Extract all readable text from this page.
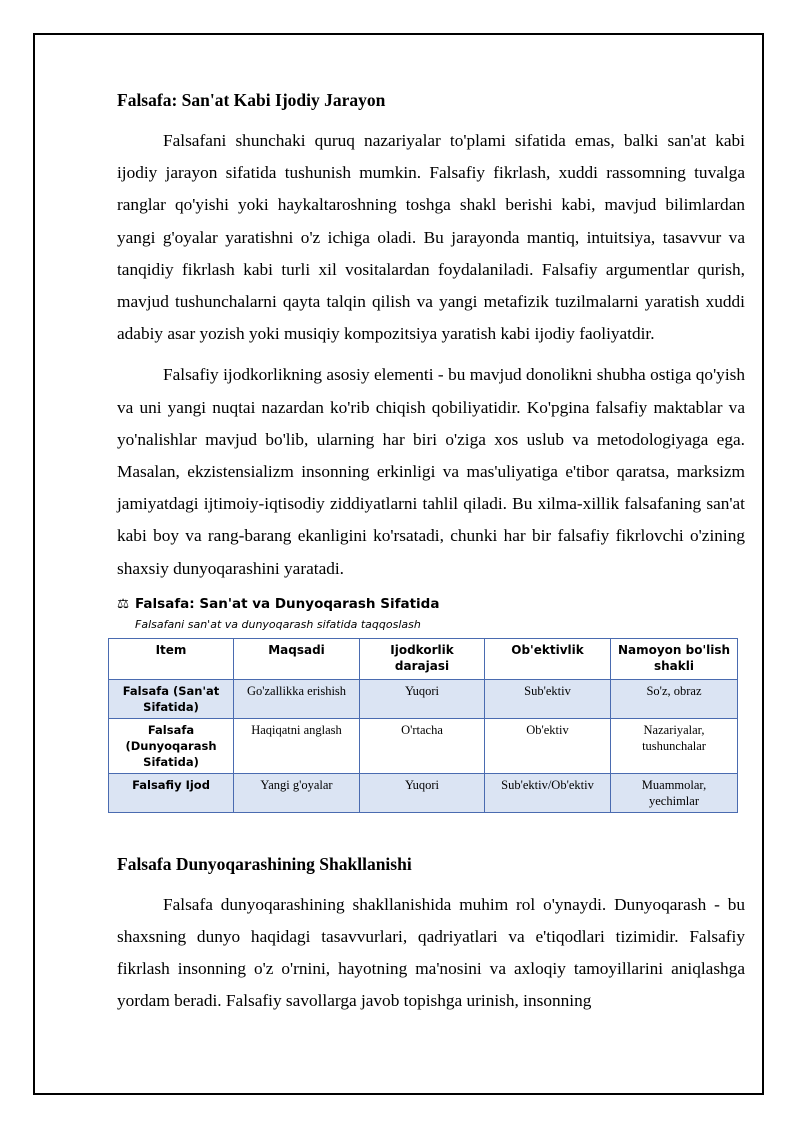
Falsafa: San'at Kabi Ijodiy Jarayon

Falsafani shunchaki quruq nazariyalar to'plami sifatida emas, balki san'at kabi ijodiy jarayon sifatida tushunish mumkin. Falsafiy fikrlash, xuddi rassomning tuvalga ranglar qo'yishi yoki haykaltaroshning toshga shakl berishi kabi, mavjud bilimlardan yangi g'oyalar yaratishni o'z ichiga oladi. Bu jarayonda mantiq, intuitsiya, tasavvur va tanqidiy fikrlash kabi turli xil vositalardan foydalaniladi. Falsafiy argumentlar qurish, mavjud tushunchalarni qayta talqin qilish va yangi metafizik tuzilmalarni yaratish xuddi adabiy asar yozish yoki musiqiy kompozitsiya yaratish kabi ijodiy faoliyatdir.

Falsafiy ijodkorlikning asosiy elementi - bu mavjud donolikni shubha ostiga qo'yish va uni yangi nuqtai nazardan ko'rib chiqish qobiliyatidir. Ko'pgina falsafiy maktablar va yo'nalishlar mavjud bo'lib, ularning har biri o'ziga xos uslub va metodologiyaga ega. Masalan, ekzistensializm insonning erkinligi va mas'uliyatiga e'tibor qaratsa, marksizm jamiyatdagi ijtimoiy-iqtisodiy ziddiyatlarni tahlil qiladi. Bu xilma-xillik falsafaning san'at kabi boy va rang-barang ekanligini ko'rsatadi, chunki har bir falsafiy fikrlovchi o'zining shaxsiy dunyoqarashini yaratadi.

⚖ Falsafa: San'at va Dunyoqarash Sifatida
Falsafani san'at va dunyoqarash sifatida taqqoslash
Item	Maqsadi	Ijodkorlik darajasi	Ob'ektivlik	Namoyon bo'lish shakli
Falsafa (San'at Sifatida)	Go'zallikka erishish	Yuqori	Sub'ektiv	So'z, obraz
Falsafa (Dunyoqarash Sifatida)	Haqiqatni anglash	O'rtacha	Ob'ektiv	Nazariyalar, tushunchalar
Falsafiy Ijod	Yangi g'oyalar	Yuqori	Sub'ektiv/Ob'ektiv	Muammolar, yechimlar
Falsafa Dunyoqarashining Shakllanishi

Falsafa dunyoqarashining shakllanishida muhim rol o'ynaydi. Dunyoqarash - bu shaxsning dunyo haqidagi tasavvurlari, qadriyatlari va e'tiqodlari tizimidir. Falsafiy fikrlash insonning o'z o'rnini, hayotning ma'nosini va axloqiy tamoyillarini aniqlashga yordam beradi. Falsafiy savollarga javob topishga urinish, insonning
